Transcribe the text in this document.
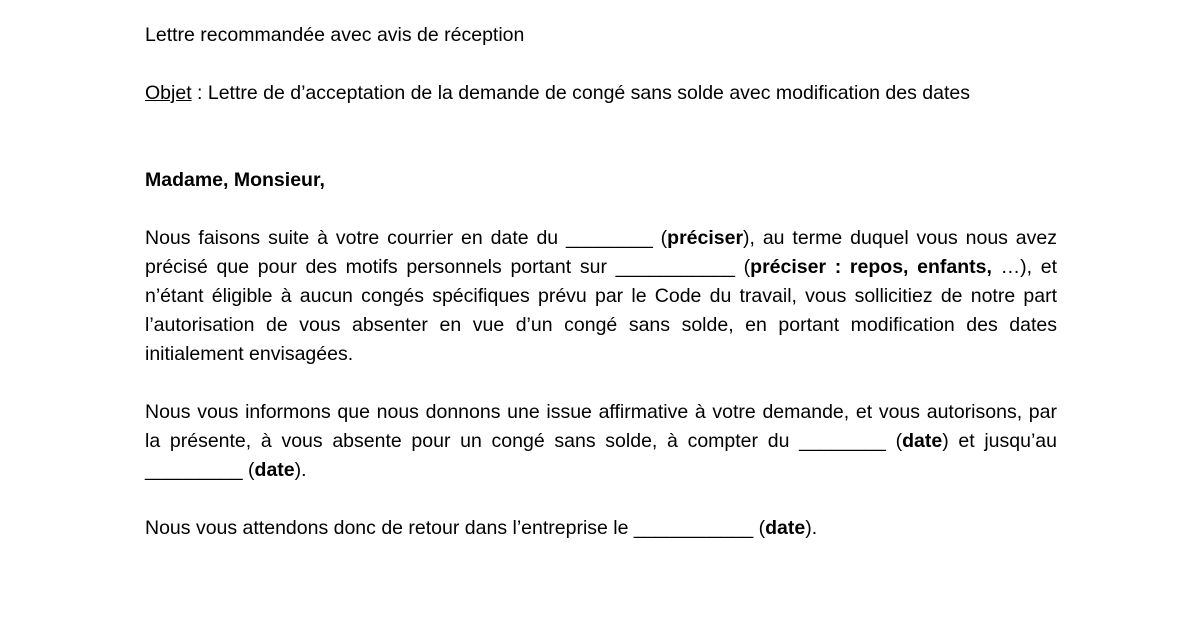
Lettre recommandée avec avis de réception

Objet : Lettre de d’acceptation de la demande de congé sans solde avec modification des dates

Madame, Monsieur,

Nous faisons suite à votre courrier en date du ________ (préciser), au terme duquel vous nous avez précisé que pour des motifs personnels portant sur ___________ (préciser : repos, enfants, …), et n’étant éligible à aucun congés spécifiques prévu par le Code du travail, vous sollicitiez de notre part l’autorisation de vous absenter en vue d’un congé sans solde, en portant modification des dates initialement envisagées.

Nous vous informons que nous donnons une issue affirmative à votre demande, et vous autorisons, par la présente, à vous absente pour un congé sans solde, à compter du ________ (date) et jusqu’au _________ (date).

Nous vous attendons donc de retour dans l’entreprise le ___________ (date).
